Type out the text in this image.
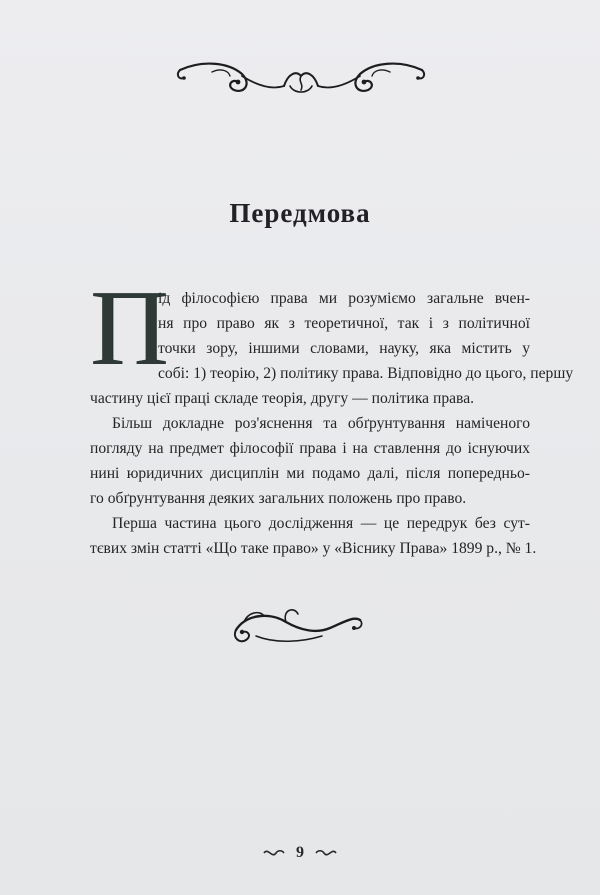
Передмова
П
ід філософією права ми розуміємо загальне вчен-
ня про право як з теоретичної, так і з політичної
точки зору, іншими словами, науку, яка містить у
собі: 1) теорію, 2) політику права. Відповідно до цього, першу
частину цієї праці складе теорія, другу — політика права.
Більш докладне роз'яснення та обґрунтування наміченого
погляду на предмет філософії права і на ставлення до існуючих
нині юридичних дисциплін ми подамо далі, після попередньо-
го обґрунтування деяких загальних положень про право.
Перша частина цього дослідження — це передрук без сут-
тєвих змін статті «Що таке право» у «Віснику Права» 1899 р., № 1.
9
